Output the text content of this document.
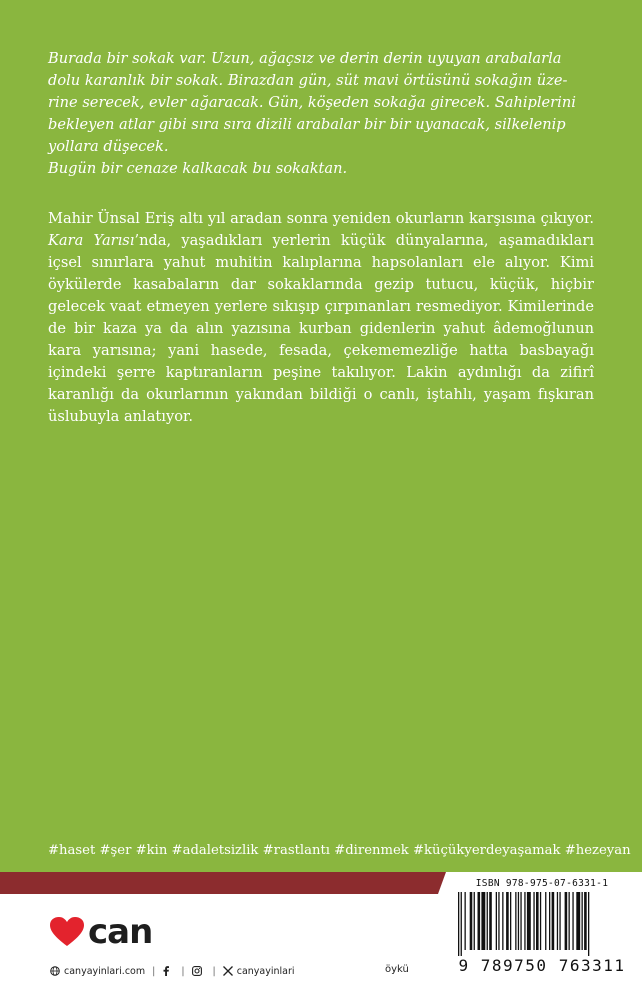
Burada bir sokak var. Uzun, ağaçsız ve derin derin uyuyan arabalarla
dolu karanlık bir sokak. Birazdan gün, süt mavi örtüsünü sokağın üze-
rine serecek, evler ağaracak. Gün, köşeden sokağa girecek. Sahiplerini
bekleyen atlar gibi sıra sıra dizili arabalar bir bir uyanacak, silkelenip
yollara düşecek.
Bugün bir cenaze kalkacak bu sokaktan.

Mahir Ünsal Eriş altı yıl aradan sonra yeniden okurların karşısına çıkıyor. Kara Yarısı’nda, yaşadıkları yerlerin küçük dünyalarına, aşamadıkları içsel sınırlara yahut muhitin kalıplarına hapsolanları ele alıyor. Kimi öykülerde kasabaların dar sokaklarında gezip tutucu, küçük, hiçbir gelecek vaat etmeyen yerlere sıkışıp çırpınanları resmediyor. Kimilerinde de bir kaza ya da alın yazısına kurban gidenlerin yahut âdemoğlunun kara yarısına; yani hasede, fesada, çekememezliğe hatta basbayağı içindeki şerre kaptıranların peşine takılıyor. Lakin aydınlığı da zifirî karanlığı da okurlarının yakından bildiği o canlı, iştahlı, yaşam fışkıran üslubuyla anlatıyor.

#haset #şer #kin #adaletsizlik #rastlantı #direnmek #küçükyerdeyaşamak #hezeyan
ISBN 978-975-07-6331-1
9 789750 763311
can
canyayinlari.com |	|	| canyayinlari	öykü
